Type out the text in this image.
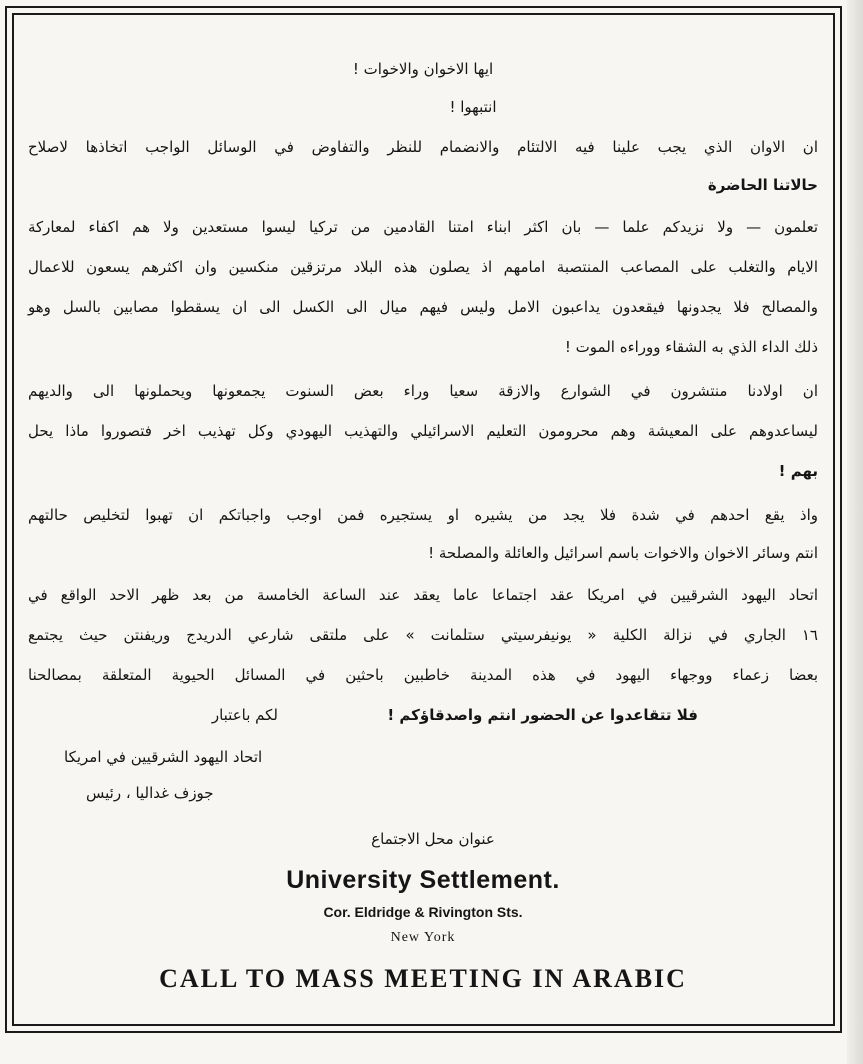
ايها الاخوان والاخوات !
انتبهوا !
ان الاوان الذي يجب علينا فيه الالتئام والانضمام للنظر والتفاوض في الوسائل الواجب اتخاذها لاصلاح
حالاتنا الحاضرة
تعلمون — ولا نزيدكم علما — بان اكثر ابناء امتنا القادمين من تركيا ليسوا مستعدين ولا هم اكفاء لمعاركة
الايام والتغلب على المصاعب المنتصبة امامهم اذ يصلون هذه البلاد مرتزقين منكسين وان اكثرهم يسعون للاعمال
والمصالح فلا يجدونها فيقعدون يداعبون الامل وليس فيهم ميال الى الكسل الى ان يسقطوا مصابين بالسل وهو
ذلك الداء الذي به الشقاء ووراءه الموت !
ان اولادنا منتشرون في الشوارع والازقة سعيا وراء بعض السنوت يجمعونها ويحملونها الى والديهم
ليساعدوهم على المعيشة وهم محرومون التعليم الاسرائيلي والتهذيب اليهودي وكل تهذيب اخر فتصوروا ماذا يحل
بهم !
واذ يقع احدهم في شدة فلا يجد من يشيره او يستجيره فمن اوجب واجباتكم ان تهبوا لتخليص حالتهم
انتم وسائر الاخوان والاخوات باسم اسرائيل والعائلة والمصلحة !
اتحاد اليهود الشرقيين في امريكا عقد اجتماعا عاما يعقد عند الساعة الخامسة من بعد ظهر الاحد الواقع في
١٦ الجاري في نزالة الكلية « يونيفرسيتي ستلمانت » على ملتقى شارعي الدريدج وريفنتن حيث يجتمع
بعضا زعماء ووجهاء اليهود في هذه المدينة خاطبين باحثين في المسائل الحيوية المتعلقة بمصالحنا
فلا تتقاعدوا عن الحضور انتم واصدقاؤكم !
لكم باعتبار
اتحاد اليهود الشرقيين في امريكا
جوزف غداليا ، رئيس
عنوان محل الاجتماع
University Settlement.
Cor. Eldridge & Rivington Sts.
New York
CALL TO MASS MEETING IN ARABIC
